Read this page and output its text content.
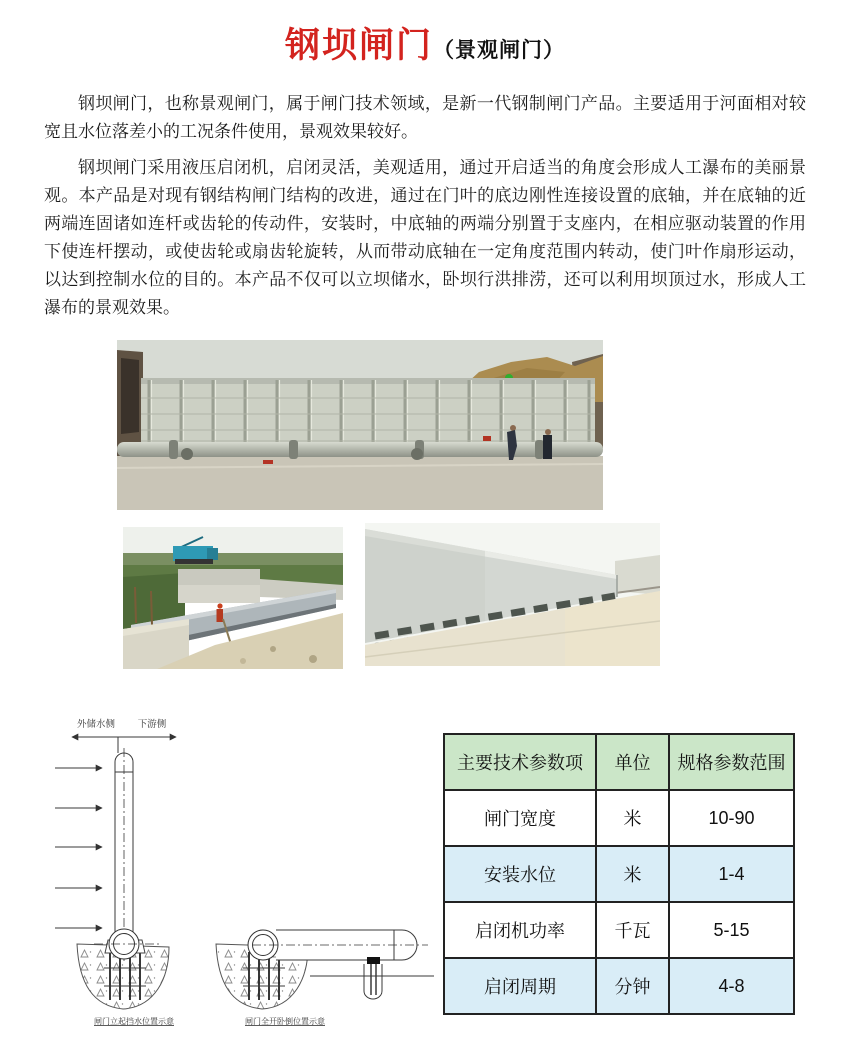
钢坝闸门（景观闸门）

钢坝闸门，也称景观闸门，属于闸门技术领域，是新一代钢制闸门产品。主要适用于河面相对较宽且水位落差小的工况条件使用，景观效果较好。

钢坝闸门采用液压启闭机，启闭灵活，美观适用，通过开启适当的角度会形成人工瀑布的美丽景观。本产品是对现有钢结构闸门结构的改进，通过在门叶的底边刚性连接设置的底轴，并在底轴的近两端连固诸如连杆或齿轮的传动件，安装时，中底轴的两端分别置于支座内，在相应驱动装置的作用下使连杆摆动，或使齿轮或扇齿轮旋转，从而带动底轴在一定角度范围内转动，使门叶作扇形运动，以达到控制水位的目的。本产品不仅可以立坝储水，卧坝行洪排涝，还可以利用坝顶过水，形成人工瀑布的景观效果。

外储水侧 下游侧
闸门立起挡水位置示意	闸门全开卧倒位置示意
主要技术参数项	单位	规格参数范围
闸门宽度	米	10-90
安装水位	米	1-4
启闭机功率	千瓦	5-15
启闭周期	分钟	4-8
